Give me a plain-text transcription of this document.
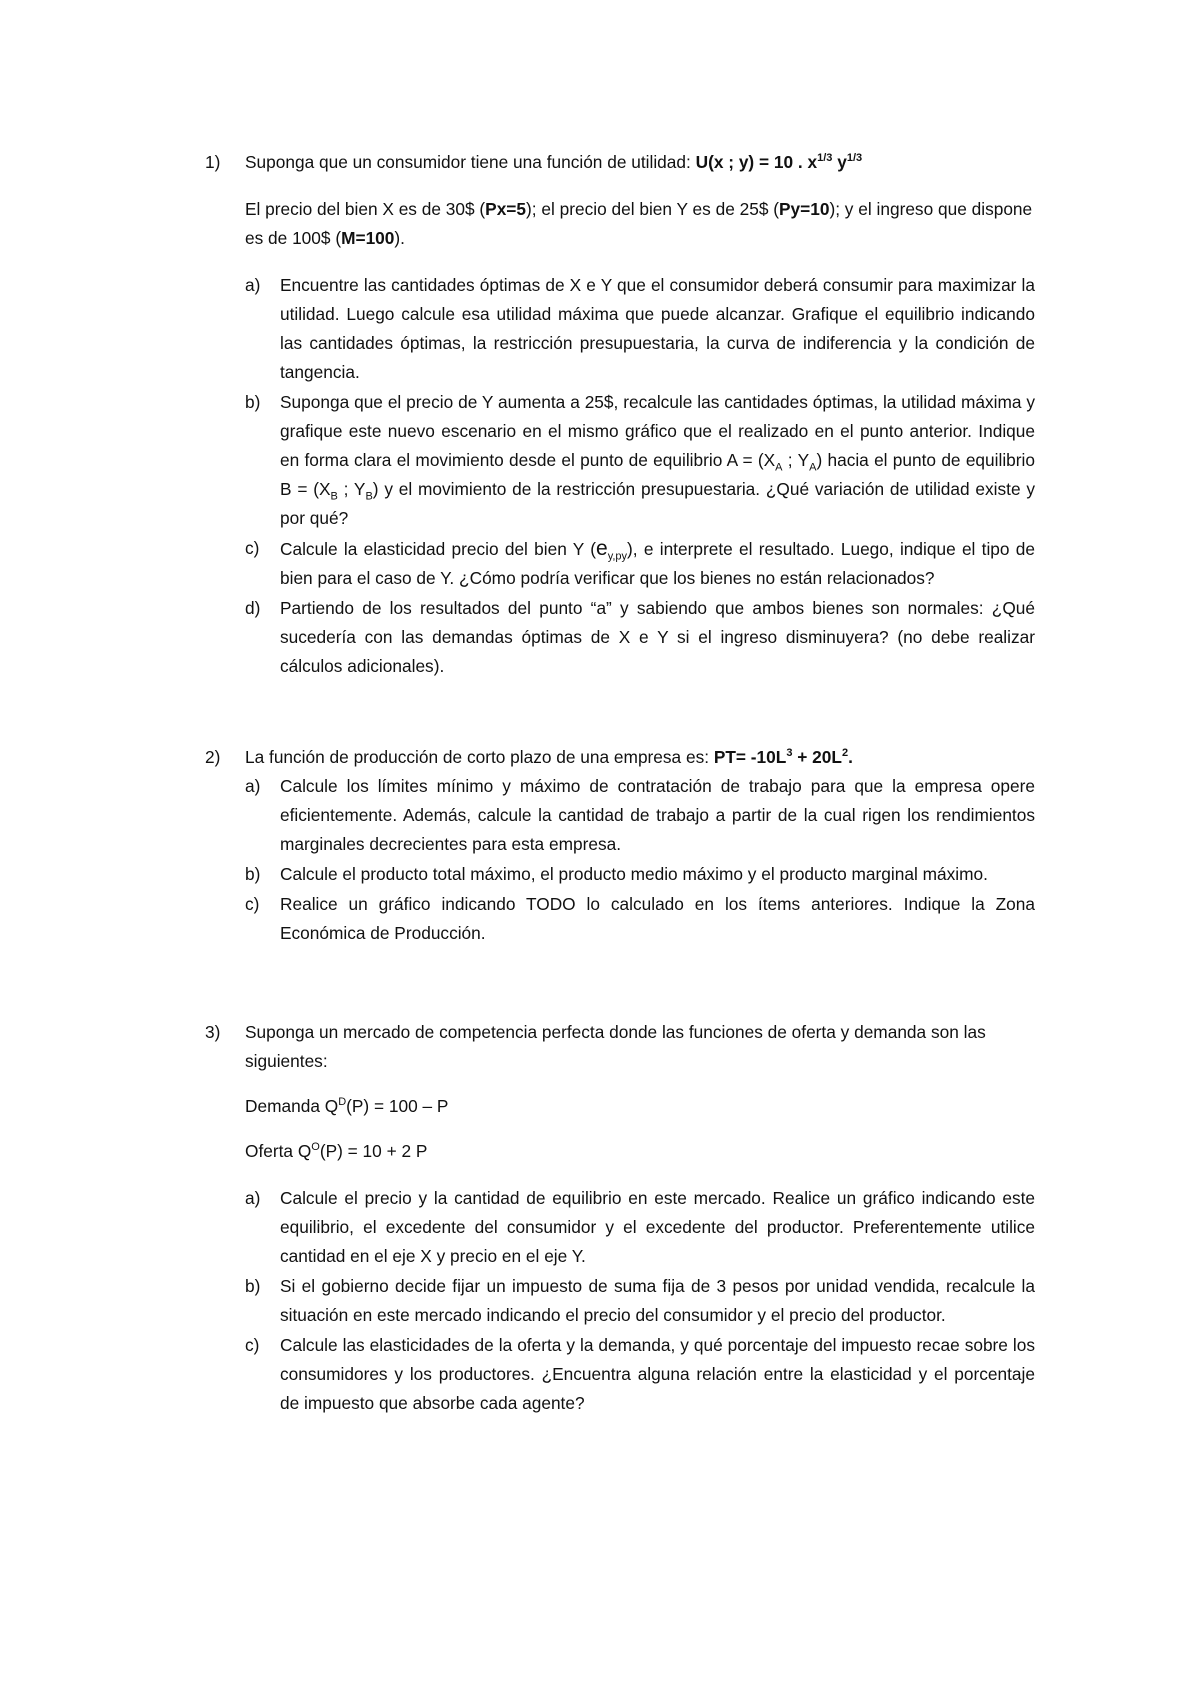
1) Suponga que un consumidor tiene una función de utilidad: U(x ; y) = 10 . $x^{1/3}$ $y^{1/3}$
El precio del bien X es de 30$ (Px=5); el precio del bien Y es de 25$ (Py=10); y el ingreso que dispone es de 100$ (M=100).
a) Encuentre las cantidades óptimas de X e Y que el consumidor deberá consumir para maximizar la utilidad. Luego calcule esa utilidad máxima que puede alcanzar. Grafique el equilibrio indicando las cantidades óptimas, la restricción presupuestaria, la curva de indiferencia y la condición de tangencia.
b) Suponga que el precio de Y aumenta a 25$, recalcule las cantidades óptimas, la utilidad máxima y grafique este nuevo escenario en el mismo gráfico que el realizado en el punto anterior. Indique en forma clara el movimiento desde el punto de equilibrio $A = (X_A$ ; $Y_A$) hacia el punto de equilibrio $B = (X_B$ ; $Y_B$) y el movimiento de la restricción presupuestaria. ¿Qué variación de utilidad existe y por qué?
c) Calcule la elasticidad precio del bien Y $(e_{y,py})$, e interprete el resultado. Luego, indique el tipo de bien para el caso de Y. ¿Cómo podría verificar que los bienes no están relacionados?
d) Partiendo de los resultados del punto “a” y sabiendo que ambos bienes son normales: ¿Qué sucedería con las demandas óptimas de X e Y si el ingreso disminuyera? (no debe realizar cálculos adicionales).
2) La función de producción de corto plazo de una empresa es: $PT= -10L^3 + 20L^2$.
a) Calcule los límites mínimo y máximo de contratación de trabajo para que la empresa opere eficientemente. Además, calcule la cantidad de trabajo a partir de la cual rigen los rendimientos marginales decrecientes para esta empresa.
b) Calcule el producto total máximo, el producto medio máximo y el producto marginal máximo.
c) Realice un gráfico indicando TODO lo calculado en los ítems anteriores. Indique la Zona Económica de Producción.
3) Suponga un mercado de competencia perfecta donde las funciones de oferta y demanda son las siguientes:
Demanda $Q^D(P) = 100 - P$
Oferta $Q^O(P) = 10 + 2$ P
a) Calcule el precio y la cantidad de equilibrio en este mercado. Realice un gráfico indicando este equilibrio, el excedente del consumidor y el excedente del productor. Preferentemente utilice cantidad en el eje X y precio en el eje Y.
b) Si el gobierno decide fijar un impuesto de suma fija de 3 pesos por unidad vendida, recalcule la situación en este mercado indicando el precio del consumidor y el precio del productor.
c) Calcule las elasticidades de la oferta y la demanda, y qué porcentaje del impuesto recae sobre los consumidores y los productores. ¿Encuentra alguna relación entre la elasticidad y el porcentaje de impuesto que absorbe cada agente?
